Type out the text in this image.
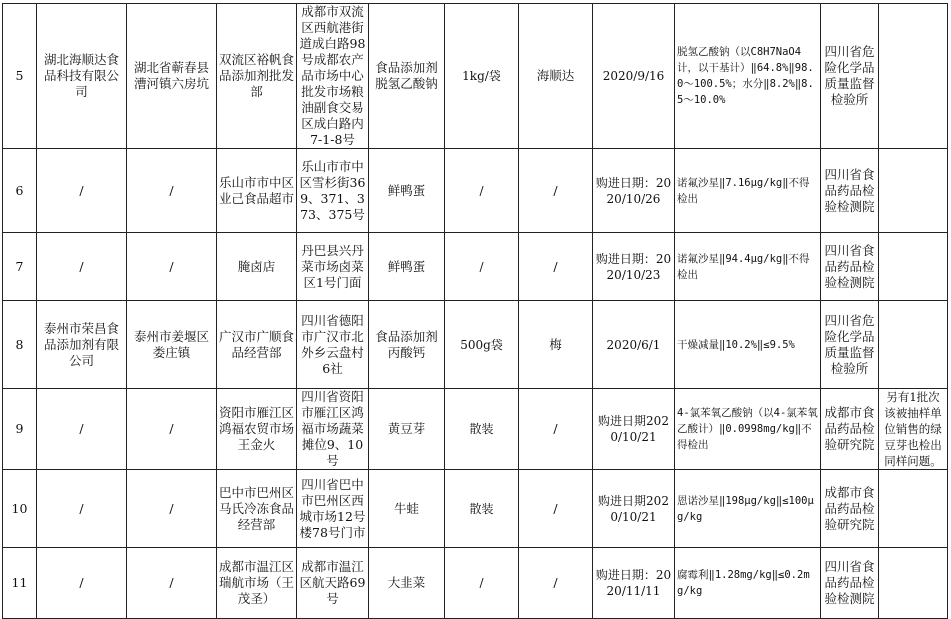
5	湖北海顺达食品科技有限公司	湖北省蕲春县漕河镇六房坑	双流区裕帆食品添加剂批发部	成都市双流区西航港街道成白路98号成都农产品市场中心批发市场粮油副食交易区成白路内7-1-8号	食品添加剂脱氢乙酸钠	1kg/袋	海顺达	2020/9/16	脱氢乙酸钠（以C8H7NaO4计，以干基计）‖64.8%‖98.0～100.5%；水分‖8.2%‖8.5～10.0%	四川省危险化学品质量监督检验所	
6	/	/	乐山市市中区业己食品超市	乐山市市中区雪杉街369、371、373、375号	鲜鸭蛋	/	/	购进日期：2020/10/26	诺氟沙星‖7.16μg/kg‖不得检出	四川省食品药品检验检测院	
7	/	/	腌卤店	丹巴县兴丹菜市场卤菜区1号门面	鲜鸭蛋	/	/	购进日期：2020/10/23	诺氟沙星‖94.4μg/kg‖不得检出	四川省食品药品检验检测院	
8	泰州市荣昌食品添加剂有限公司	泰州市姜堰区娄庄镇	广汉市广顺食品经营部	四川省德阳市广汉市北外乡云盘村6社	食品添加剂丙酸钙	500g袋	梅	2020/6/1	干燥减量‖10.2%‖≤9.5%	四川省危险化学品质量监督检验所	
9	/	/	资阳市雁江区鸿福农贸市场王金火	四川省资阳市雁江区鸿福市场蔬菜摊位9、10号	黄豆芽	散装	/	购进日期2020/10/21	4-氯苯氧乙酸钠（以4-氯苯氧乙酸计）‖0.0998mg/kg‖不得检出	成都市食品药品检验研究院	另有1批次该被抽样单位销售的绿豆芽也检出同样问题。
10	/	/	巴中市巴州区马氏冷冻食品经营部	四川省巴中市巴州区西城市场12号楼78号门市	牛蛙	散装	/	购进日期2020/10/21	恩诺沙星‖198μg/kg‖≤100μg/kg	成都市食品药品检验研究院	
11	/	/	成都市温江区瑞航市场（王茂圣）	成都市温江区航天路69号	大韭菜	/	/	购进日期：2020/11/11	腐霉利‖1.28mg/kg‖≤0.2mg/kg	四川省食品药品检验检测院	
